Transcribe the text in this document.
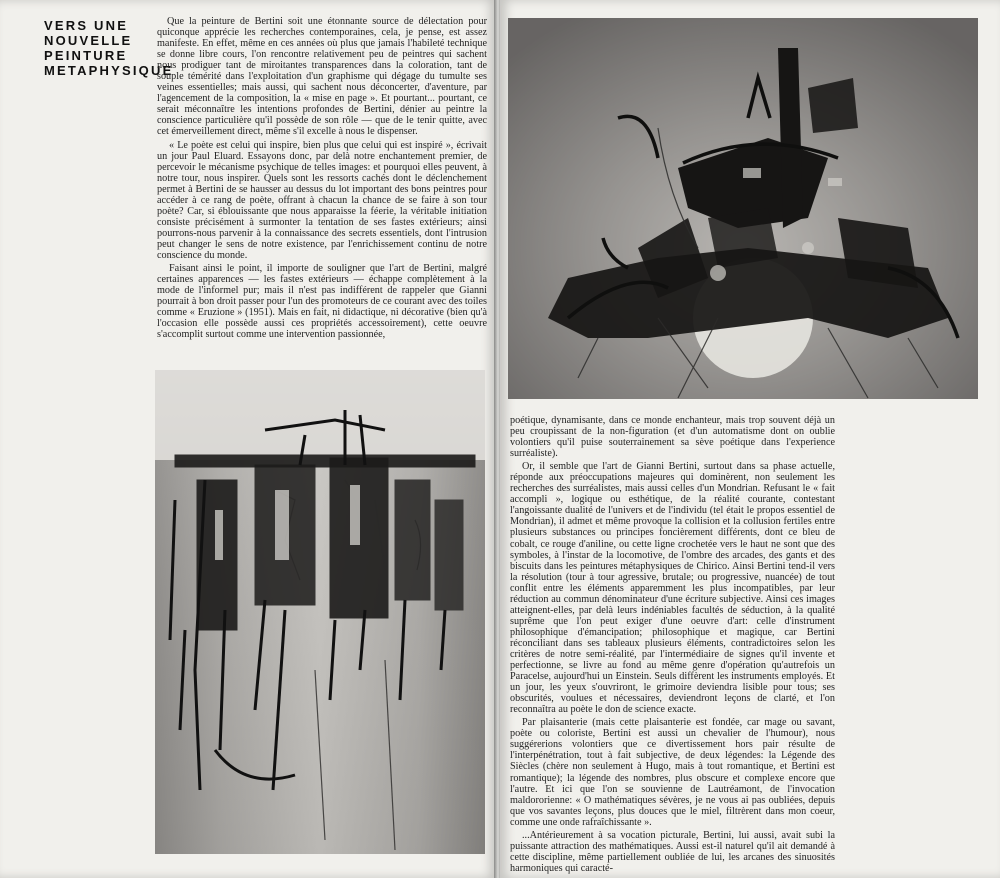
VERS UNE
NOUVELLE
PEINTURE
METAPHYSIQUE

Que la peinture de Bertini soit une étonnante source de délectation pour quiconque apprécie les recherches contemporaines, cela, je pense, est assez manifeste. En effet, même en ces années où plus que jamais l'habileté technique se donne libre cours, l'on rencontre relativement peu de peintres qui sachent nous prodiguer tant de miroitantes transparences dans la coloration, tant de souple témérité dans l'exploitation d'un graphisme qui dégage du tumulte ses veines essentielles; mais aussi, qui sachent nous déconcerter, d'aventure, par l'agencement de la composition, la « mise en page ». Et pourtant... pourtant, ce serait méconnaître les intentions profondes de Bertini, dénier au peintre la conscience particulière qu'il possède de son rôle — que de le tenir quitte, avec cet émerveillement direct, même s'il excelle à nous le dispenser.

« Le poète est celui qui inspire, bien plus que celui qui est inspiré », écrivait un jour Paul Eluard. Essayons donc, par delà notre enchantement premier, de percevoir le mécanisme psychique de telles images: et pourquoi elles peuvent, à notre tour, nous inspirer. Quels sont les ressorts cachés dont le déclenchement permet à Bertini de se hausser au dessus du lot important des bons peintres pour accéder à ce rang de poète, offrant à chacun la chance de se faire à son tour poète? Car, si éblouissante que nous apparaisse la féerie, la véritable initiation consiste précisément à surmonter la tentation de ses fastes extérieurs; ainsi pourrons-nous parvenir à la connaissance des secrets essentiels, dont l'intrusion peut changer le sens de notre existence, par l'enrichissement continu de notre conscience du monde.

Faisant ainsi le point, il importe de souligner que l'art de Bertini, malgré certaines apparences — les fastes extérieurs — échappe complètement à la mode de l'informel pur; mais il n'est pas indifférent de rappeler que Gianni pourrait à bon droit passer pour l'un des promoteurs de ce courant avec des toiles comme « Eruzione » (1951). Mais en fait, ni didactique, ni décorative (bien qu'à l'occasion elle possède aussi ces propriétés accessoirement), cette oeuvre s'accomplit surtout comme une intervention passionnée,

poétique, dynamisante, dans ce monde enchanteur, mais trop souvent déjà un peu croupissant de la non-figuration (et d'un automatisme dont on oublie volontiers qu'il puise souterrainement sa sève poétique dans l'experience surréaliste).

Or, il semble que l'art de Gianni Bertini, surtout dans sa phase actuelle, réponde aux préoccupations majeures qui dominèrent, non seulement les recherches des surréalistes, mais aussi celles d'un Mondrian. Refusant le « fait accompli », logique ou esthétique, de la réalité courante, contestant l'angoissante dualité de l'univers et de l'individu (tel était le propos essentiel de Mondrian), il admet et même provoque la collision et la collusion fertiles entre plusieurs substances ou principes foncièrement différents, dont ce bleu de cobalt, ce rouge d'aniline, ou cette ligne crochetée vers le haut ne sont que des symboles, à l'instar de la locomotive, de l'ombre des arcades, des gants et des biscuits dans les peintures métaphysiques de Chirico. Ainsi Bertini tend-il vers la résolution (tour à tour agressive, brutale; ou progressive, nuancée) de tout conflit entre les éléments apparemment les plus incompatibles, par leur réduction au commun dénominateur d'une écriture subjective. Ainsi ces images atteignent-elles, par delà leurs indéniables facultés de séduction, à la qualité suprême que l'on peut exiger d'une oeuvre d'art: celle d'instrument philosophique d'émancipation; philosophique et magique, car Bertini réconciliant dans ses tableaux plusieurs éléments, contradictoires selon les critères de notre semi-réalité, par l'intermédiaire de signes qu'il invente et perfectionne, se livre au fond au même genre d'opération qu'autrefois un Paracelse, aujourd'hui un Einstein. Seuls diffèrent les instruments employés. Et un jour, les yeux s'ouvriront, le grimoire deviendra lisible pour tous; ses obscurités, voulues et nécessaires, deviendront leçons de clarté, et l'on reconnaîtra au poète le don de science exacte.

Par plaisanterie (mais cette plaisanterie est fondée, car mage ou savant, poète ou coloriste, Bertini est aussi un chevalier de l'humour), nous suggérerions volontiers que ce divertissement hors pair résulte de l'interpénétration, tout à fait subjective, de deux légendes: la Légende des Siècles (chère non seulement à Hugo, mais à tout romantique, et Bertini est romantique); la légende des nombres, plus obscure et complexe encore que l'autre. Et ici que l'on se souvienne de Lautréamont, de l'invocation maldororienne: « O mathématiques sévères, je ne vous ai pas oubliées, depuis que vos savantes leçons, plus douces que le miel, filtrèrent dans mon coeur, comme une onde rafraîchissante ».

...Antérieurement à sa vocation picturale, Bertini, lui aussi, avait subi la puissante attraction des mathématiques. Aussi est-il naturel qu'il ait demandé à cette discipline, même partiellement oubliée de lui, les arcanes des sinuosités harmoniques qui caracté-
